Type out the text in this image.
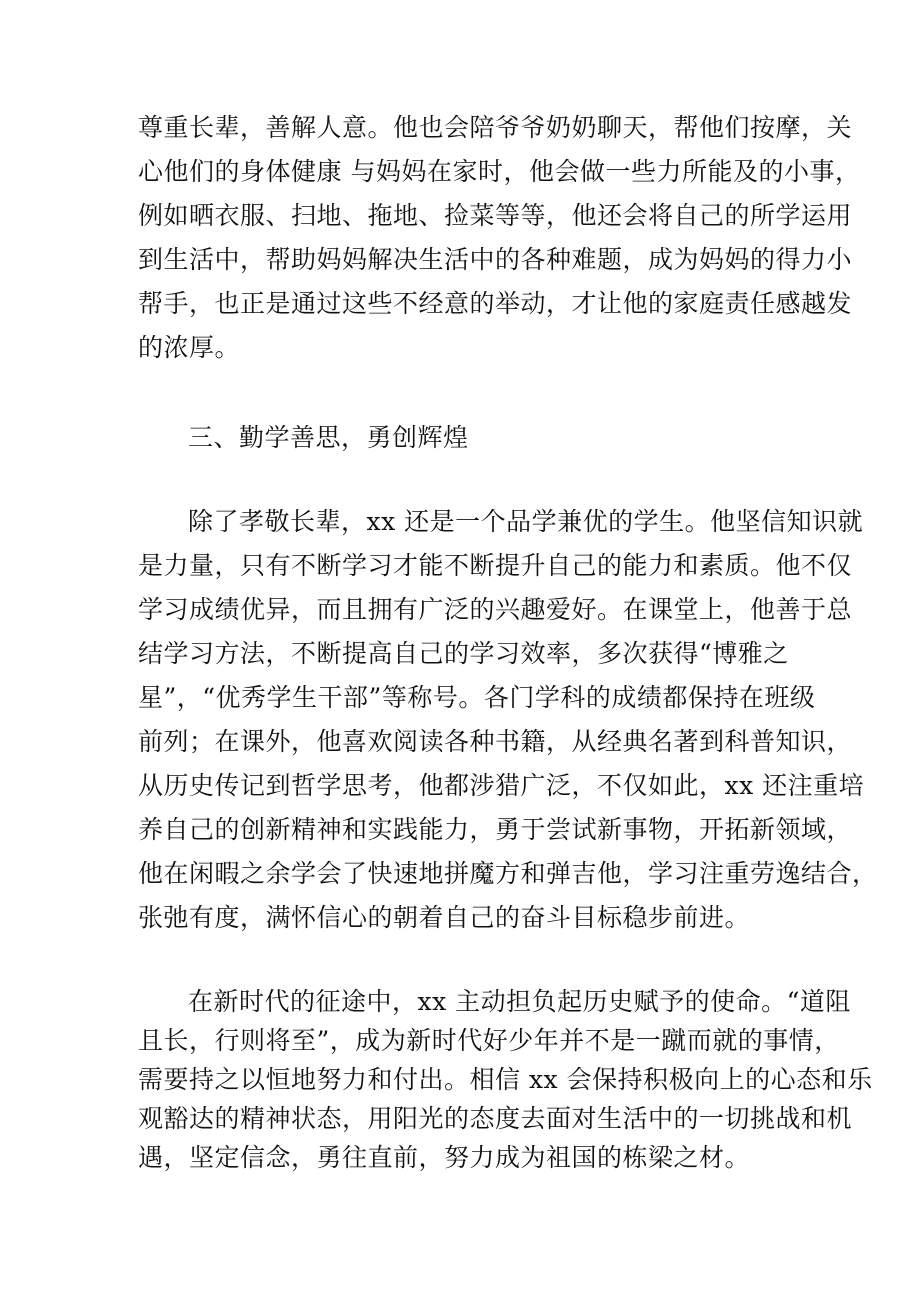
尊重长辈，善解人意。他也会陪爷爷奶奶聊天，帮他们按摩，关
心他们的身体健康 与妈妈在家时，他会做一些力所能及的小事，
例如晒衣服、扫地、拖地、捡菜等等，他还会将自己的所学运用
到生活中，帮助妈妈解决生活中的各种难题，成为妈妈的得力小
帮手，也正是通过这些不经意的举动，才让他的家庭责任感越发
的浓厚。
三、勤学善思，勇创辉煌
除了孝敬长辈，xx 还是一个品学兼优的学生。他坚信知识就
是力量，只有不断学习才能不断提升自己的能力和素质。他不仅
学习成绩优异，而且拥有广泛的兴趣爱好。在课堂上，他善于总
结学习方法，不断提高自己的学习效率，多次获得“博雅之
星”，“优秀学生干部”等称号。各门学科的成绩都保持在班级
前列；在课外，他喜欢阅读各种书籍，从经典名著到科普知识，
从历史传记到哲学思考，他都涉猎广泛，不仅如此，xx 还注重培
养自己的创新精神和实践能力，勇于尝试新事物，开拓新领域，
他在闲暇之余学会了快速地拼魔方和弹吉他，学习注重劳逸结合，
张弛有度，满怀信心的朝着自己的奋斗目标稳步前进。
在新时代的征途中，xx 主动担负起历史赋予的使命。“道阻
且长，行则将至”，成为新时代好少年并不是一蹴而就的事情，
需要持之以恒地努力和付出。相信 xx 会保持积极向上的心态和乐
观豁达的精神状态，用阳光的态度去面对生活中的一切挑战和机
遇，坚定信念，勇往直前，努力成为祖国的栋梁之材。
